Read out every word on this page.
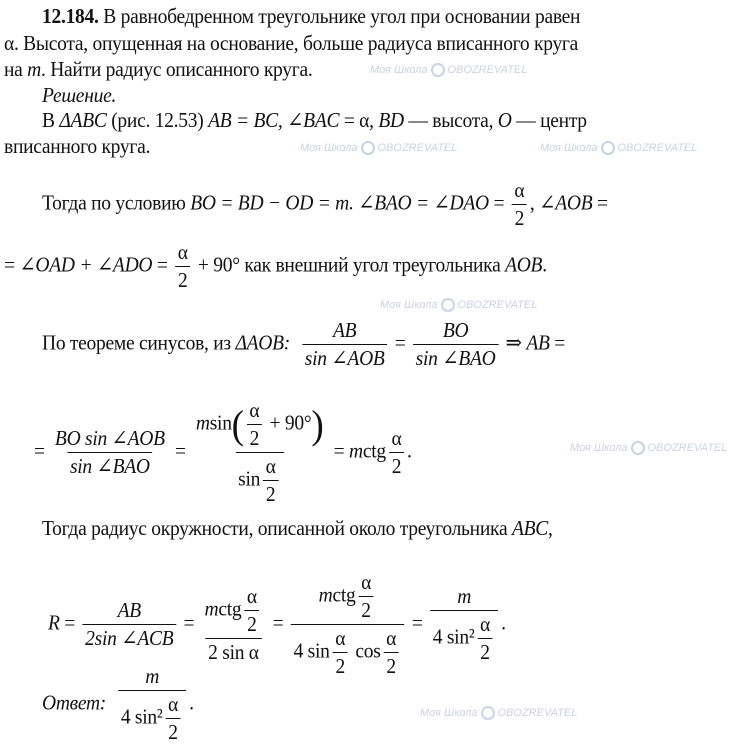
Моя Школа OBOZREVATEL
Моя Школа OBOZREVATEL	Моя Школа OBOZREVATEL
Моя Школа OBOZREVATEL
Моя Школа OBOZREVATEL
Моя Школа OBOZREVATEL
12.184. В равнобедренном треугольнике угол при основании равен
α. Высота, опущенная на основание, больше радиуса вписанного круга
на m. Найти радиус описанного круга.
Решение.
В ΔABC (рис. 12.53) AB = BC, ∠BAC = α, BD — высота, O — центр
вписанного круга.
Тогда по условию BO = BD − OD = m. ∠BAO = ∠DAO = $\frac{\alpha}{2}$ , ∠AOB =
= ∠OAD + ∠ADO = $\frac{\alpha}{2} + 90^\circ$ как внешний угол треугольника AOB.
По теореме синусов, из ΔAOB: $\frac{AB}{\text{sin ∠AOB}} = \frac{BO}{\text{sin ∠BAO}}$ ⇒ AB =
= $\frac{\text{BO sin ∠AOB}}{\text{sin ∠BAO}} = \frac{msin( \frac{\alpha}{2} + 90^\circ)}{\sin \frac{\alpha}{2}}$ = mctg $\frac{\alpha}{2}$ .
Тогда радиус окружности, описанной около треугольника ABC,
$R = \frac{AB}{\text{2sin ∠ACB}} = \frac{mctg \frac{\alpha}{2}}{\text{2 sin α}} = \frac{mctg \frac{\alpha}{2}}{4 \sin \frac{\alpha}{2} \cos \frac{\alpha}{2}} = \frac{m}{4 \sin^2 \frac{\alpha}{2}}$ .
Ответ: $\frac{m}{4 \sin^2 \frac{\alpha}{2}}$ .
